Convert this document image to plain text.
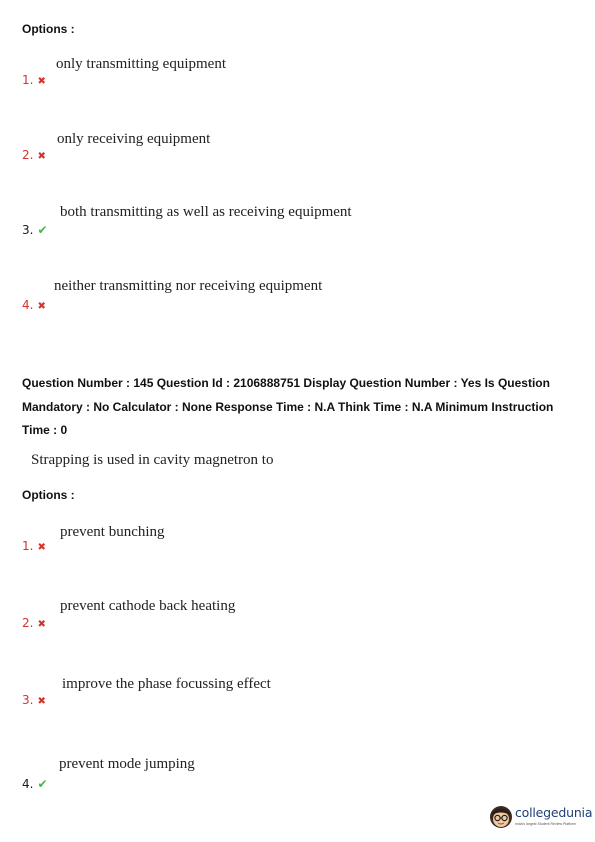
Options :
only transmitting equipment
1. ✖
only receiving equipment
2. ✖
both transmitting as well as receiving equipment
3. ✔
neither transmitting nor receiving equipment
4. ✖
Question Number : 145 Question Id : 2106888751 Display Question Number : Yes Is Question Mandatory : No Calculator : None Response Time : N.A Think Time : N.A Minimum Instruction Time : 0
Strapping is used in cavity magnetron to
Options :
prevent bunching
1. ✖
prevent cathode back heating
2. ✖
improve the phase focussing effect
3. ✖
prevent mode jumping
4. ✔
collegedunia
India's largest Student Review Platform
